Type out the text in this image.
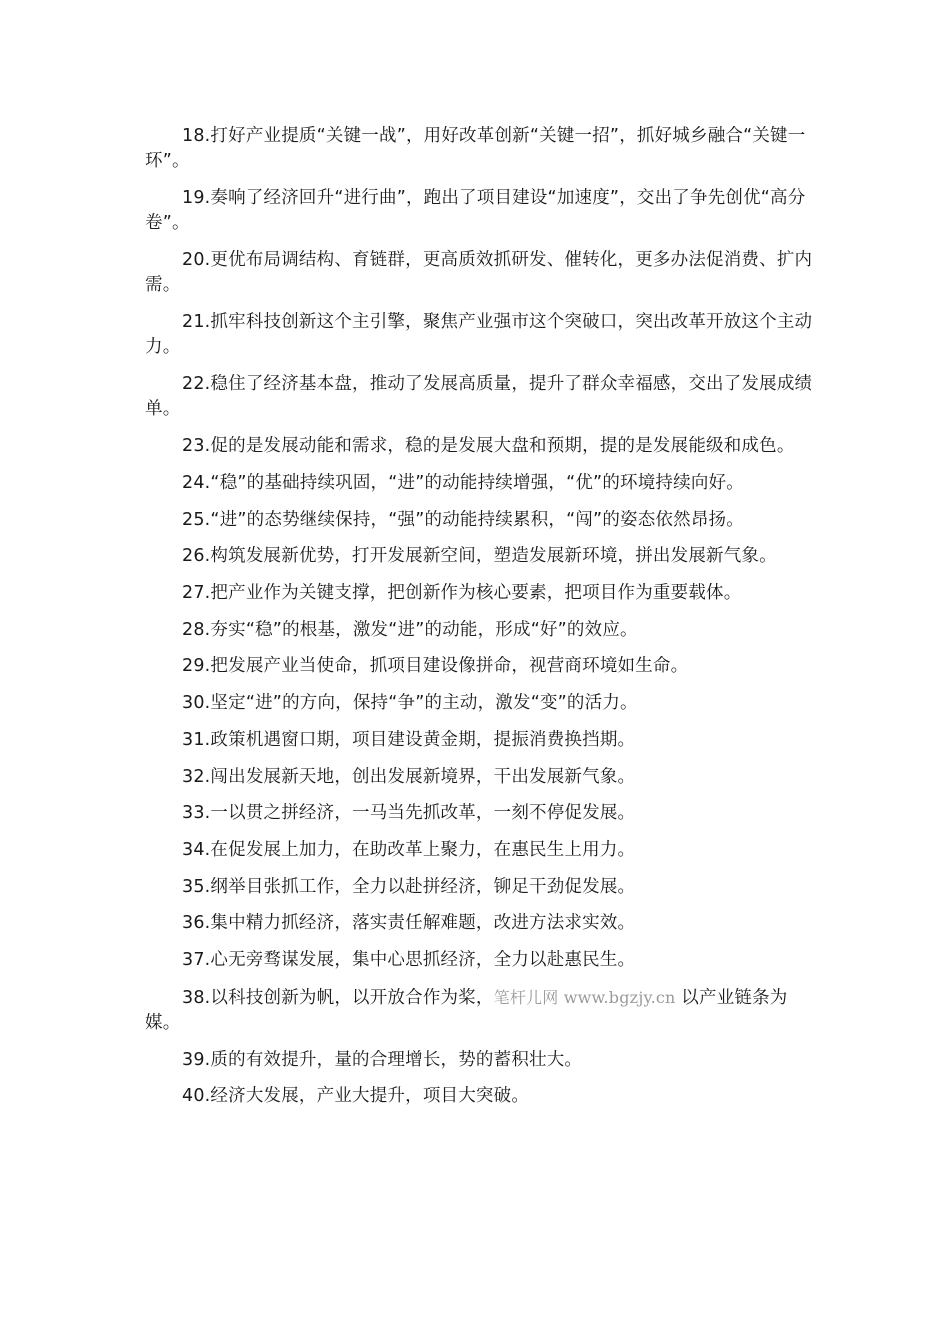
18.打好产业提质“关键一战”，用好改革创新“关键一招”，抓好城乡融合“关键一环”。

19.奏响了经济回升“进行曲”，跑出了项目建设“加速度”，交出了争先创优“高分卷”。

20.更优布局调结构、育链群，更高质效抓研发、催转化，更多办法促消费、扩内需。

21.抓牢科技创新这个主引擎，聚焦产业强市这个突破口，突出改革开放这个主动力。

22.稳住了经济基本盘，推动了发展高质量，提升了群众幸福感，交出了发展成绩单。

23.促的是发展动能和需求，稳的是发展大盘和预期，提的是发展能级和成色。

24.“稳”的基础持续巩固，“进”的动能持续增强，“优”的环境持续向好。

25.“进”的态势继续保持，“强”的动能持续累积，“闯”的姿态依然昂扬。

26.构筑发展新优势，打开发展新空间，塑造发展新环境，拼出发展新气象。

27.把产业作为关键支撑，把创新作为核心要素，把项目作为重要载体。

28.夯实“稳”的根基，激发“进”的动能，形成“好”的效应。

29.把发展产业当使命，抓项目建设像拼命，视营商环境如生命。

30.坚定“进”的方向，保持“争”的主动，激发“变”的活力。

31.政策机遇窗口期，项目建设黄金期，提振消费换挡期。

32.闯出发展新天地，创出发展新境界，干出发展新气象。

33.一以贯之拼经济，一马当先抓改革，一刻不停促发展。

34.在促发展上加力，在助改革上聚力，在惠民生上用力。

35.纲举目张抓工作，全力以赴拼经济，铆足干劲促发展。

36.集中精力抓经济，落实责任解难题，改进方法求实效。

37.心无旁骛谋发展，集中心思抓经济，全力以赴惠民生。

38.以科技创新为帆，以开放合作为桨，笔杆儿网 www.bgzjy.cn 以产业链条为媒。

39.质的有效提升，量的合理增长，势的蓄积壮大。

40.经济大发展，产业大提升，项目大突破。
